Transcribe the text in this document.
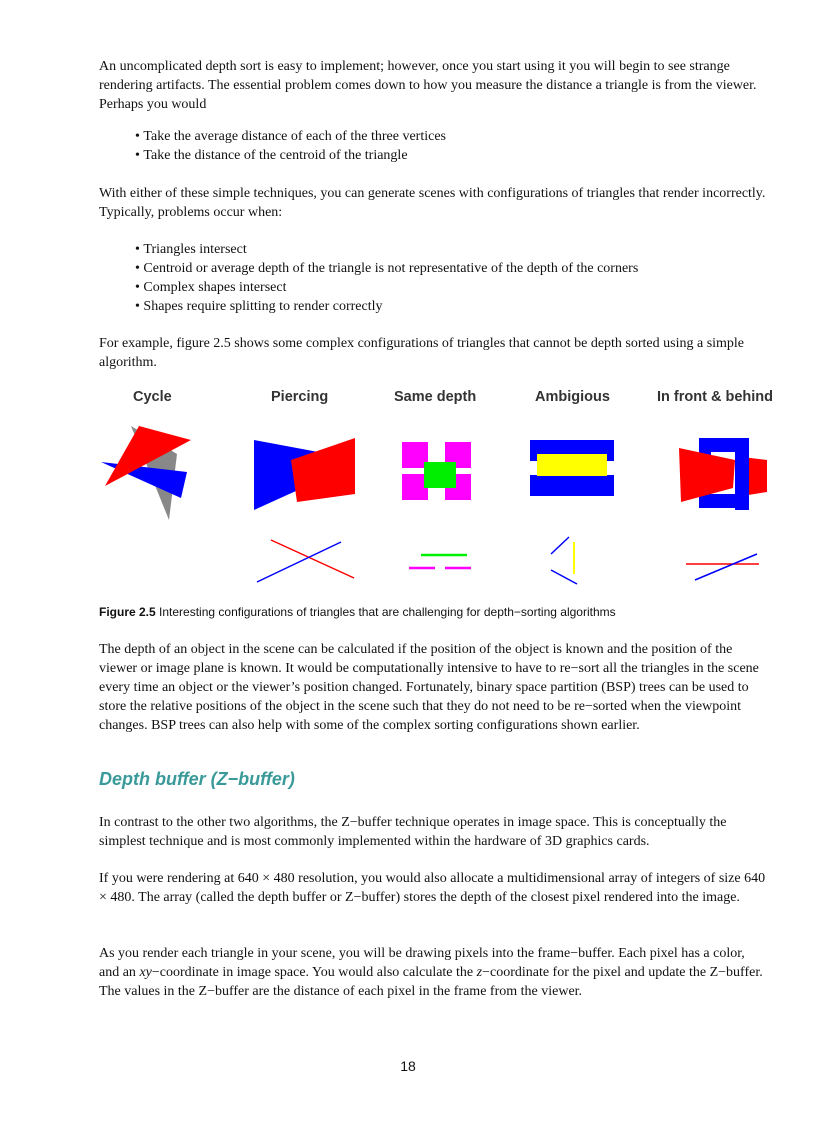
An uncomplicated depth sort is easy to implement; however, once you start using it you will begin to see strange rendering artifacts. The essential problem comes down to how you measure the distance a triangle is from the viewer. Perhaps you would

• Take the average distance of each of the three vertices
• Take the distance of the centroid of the triangle

With either of these simple techniques, you can generate scenes with configurations of triangles that render incorrectly. Typically, problems occur when:

• Triangles intersect
• Centroid or average depth of the triangle is not representative of the depth of the corners
• Complex shapes intersect
• Shapes require splitting to render correctly

For example, figure 2.5 shows some complex configurations of triangles that cannot be depth sorted using a simple algorithm.

Cycle	Piercing	Same depth	Ambigious	In front & behind
Figure 2.5 Interesting configurations of triangles that are challenging for depth−sorting algorithms

The depth of an object in the scene can be calculated if the position of the object is known and the position of the viewer or image plane is known. It would be computationally intensive to have to re−sort all the triangles in the scene every time an object or the viewer’s position changed. Fortunately, binary space partition (BSP) trees can be used to store the relative positions of the object in the scene such that they do not need to be re−sorted when the viewpoint changes. BSP trees can also help with some of the complex sorting configurations shown earlier.

Depth buffer (Z−buffer)

In contrast to the other two algorithms, the Z−buffer technique operates in image space. This is conceptually the simplest technique and is most commonly implemented within the hardware of 3D graphics cards.

If you were rendering at 640 × 480 resolution, you would also allocate a multidimensional array of integers of size 640 × 480. The array (called the depth buffer or Z−buffer) stores the depth of the closest pixel rendered into the image.

As you render each triangle in your scene, you will be drawing pixels into the frame−buffer. Each pixel has a color, and an xy−coordinate in image space. You would also calculate the z−coordinate for the pixel and update the Z−buffer. The values in the Z−buffer are the distance of each pixel in the frame from the viewer.

18
